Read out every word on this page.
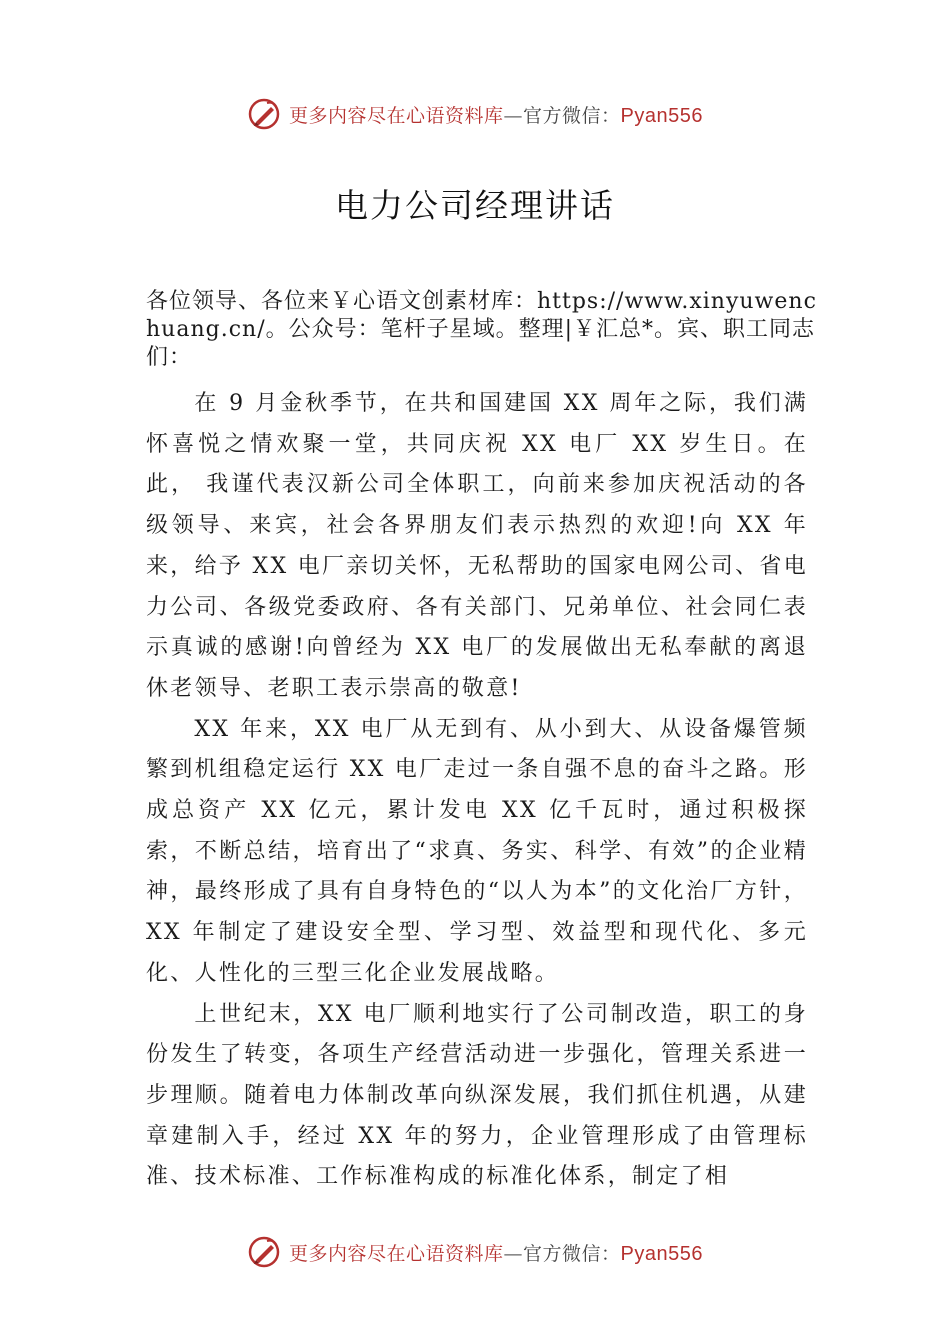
更多内容尽在心语资料库—官方微信：Pyan556
电力公司经理讲话
各位领导、各位来￥心语文创素材库：https://www.xinyuwenchuang.cn/。公众号：笔杆子星域。整理|￥汇总*。宾、职工同志们：

在 9 月金秋季节，在共和国建国 XX 周年之际，我们满怀喜悦之情欢聚一堂，共同庆祝 XX 电厂 XX 岁生日。在此， 我谨代表汉新公司全体职工，向前来参加庆祝活动的各级领导、来宾，社会各界朋友们表示热烈的欢迎!向 XX 年来，给予 XX 电厂亲切关怀，无私帮助的国家电网公司、省电力公司、各级党委政府、各有关部门、兄弟单位、社会同仁表示真诚的感谢!向曾经为 XX 电厂的发展做出无私奉献的离退休老领导、老职工表示崇高的敬意!

XX 年来，XX 电厂从无到有、从小到大、从设备爆管频繁到机组稳定运行 XX 电厂走过一条自强不息的奋斗之路。形成总资产 XX 亿元，累计发电 XX 亿千瓦时，通过积极探索，不断总结，培育出了“求真、务实、科学、有效”的企业精神，最终形成了具有自身特色的“以人为本”的文化治厂方针，XX 年制定了建设安全型、学习型、效益型和现代化、多元化、人性化的三型三化企业发展战略。

上世纪末，XX 电厂顺利地实行了公司制改造，职工的身份发生了转变，各项生产经营活动进一步强化，管理关系进一步理顺。随着电力体制改革向纵深发展，我们抓住机遇，从建章建制入手，经过 XX 年的努力，企业管理形成了由管理标准、技术标准、工作标准构成的标准化体系，制定了相

更多内容尽在心语资料库—官方微信：Pyan556
